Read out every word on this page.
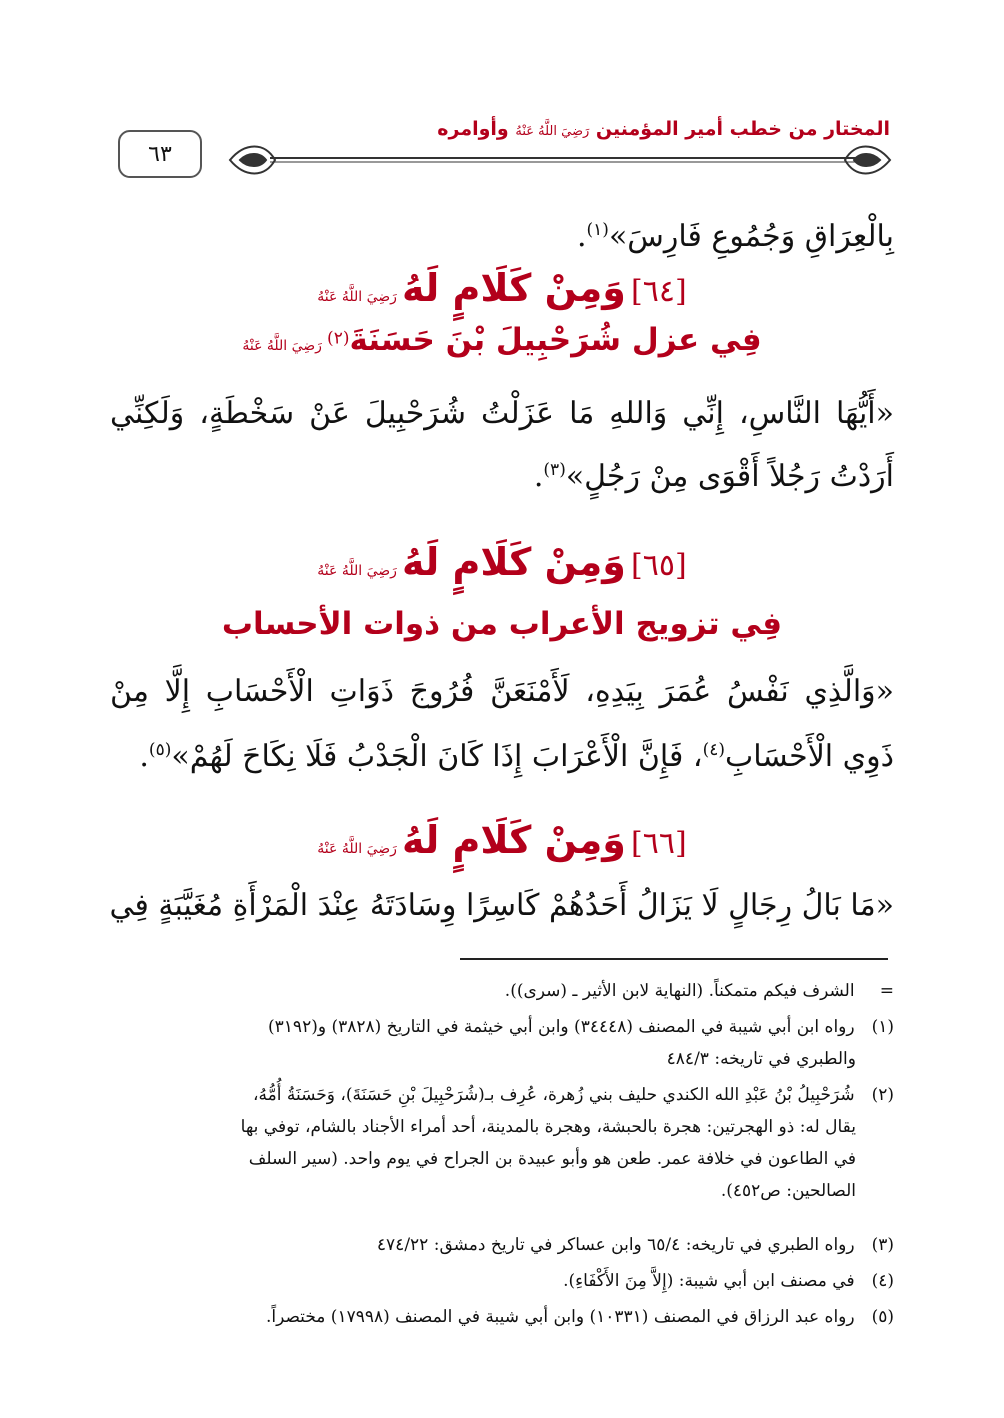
٦٣
المختار من خطب أمير المؤمنين رَضِيَ اللَّهُ عَنْهُ وأوامره
بِالْعِرَاقِ وَجُمُوعِ فَارِسَ»$^{(١)}$.
[٦٤] وَمِنْ كَلَامٍ لَهُ رَضِيَ اللَّهُ عَنْهُ
فِي عزل شُرَحْبِيلَ بْنَ حَسَنَةَ$^{(٢)}$ رَضِيَ اللَّهُ عَنْهُ
«أَيُّهَا النَّاسِ، إِنِّي وَاللهِ مَا عَزَلْتُ شُرَحْبِيلَ عَنْ سَخْطَةٍ، وَلَكِنِّي
أَرَدْتُ رَجُلاً أَقْوَى مِنْ رَجُلٍ»$^{(٣)}$.
[٦٥] وَمِنْ كَلَامٍ لَهُ رَضِيَ اللَّهُ عَنْهُ
فِي تزويج الأعراب من ذوات الأحساب
«وَالَّذِي نَفْسُ عُمَرَ بِيَدِهِ، لَأَمْنَعَنَّ فُرُوجَ ذَوَاتِ الْأَحْسَابِ إِلَّا مِنْ
ذَوِي الْأَحْسَابِ$^{(٤)}$، فَإِنَّ الْأَعْرَابَ إِذَا كَانَ الْجَدْبُ فَلَا نِكَاحَ لَهُمْ»$^{(٥)}$.
[٦٦] وَمِنْ كَلَامٍ لَهُ رَضِيَ اللَّهُ عَنْهُ
«مَا بَالُ رِجَالٍ لَا يَزَالُ أَحَدُهُمْ كَاسِرًا وِسَادَتَهُ عِنْدَ الْمَرْأَةِ مُغَيَّبَةٍ فِي
= الشرف فيكم متمكناً. (النهاية لابن الأثير ـ (سرى)).
(١) رواه ابن أبي شيبة في المصنف (٣٤٤٤٨) وابن أبي خيثمة في التاريخ (٣٨٢٨) و(٣١٩٢)
والطبري في تاريخه: ٤٨٤/٣
(٢) شُرَحْبِيلُ بْنُ عَبْدِ الله الكندي حليف بني زُهرة، عُرِف بـ(شُرَحْبِيلَ بْنِ حَسَنَةَ)، وَحَسَنَةُ أُمُّهُ،
يقال له: ذو الهجرتين: هجرة بالحبشة، وهجرة بالمدينة، أحد أمراء الأجناد بالشام، توفي بها
في الطاعون في خلافة عمر. طعن هو وأبو عبيدة بن الجراح في يوم واحد. (سير السلف
الصالحين: ص٤٥٢).
(٣) رواه الطبري في تاريخه: ٦٥/٤ وابن عساكر في تاريخ دمشق: ٤٧٤/٢٢
(٤) في مصنف ابن أبي شيبة: (إِلاَّ مِنَ الأَكْفَاءِ).
(٥) رواه عبد الرزاق في المصنف (١٠٣٣١) وابن أبي شيبة في المصنف (١٧٩٩٨) مختصراً.
